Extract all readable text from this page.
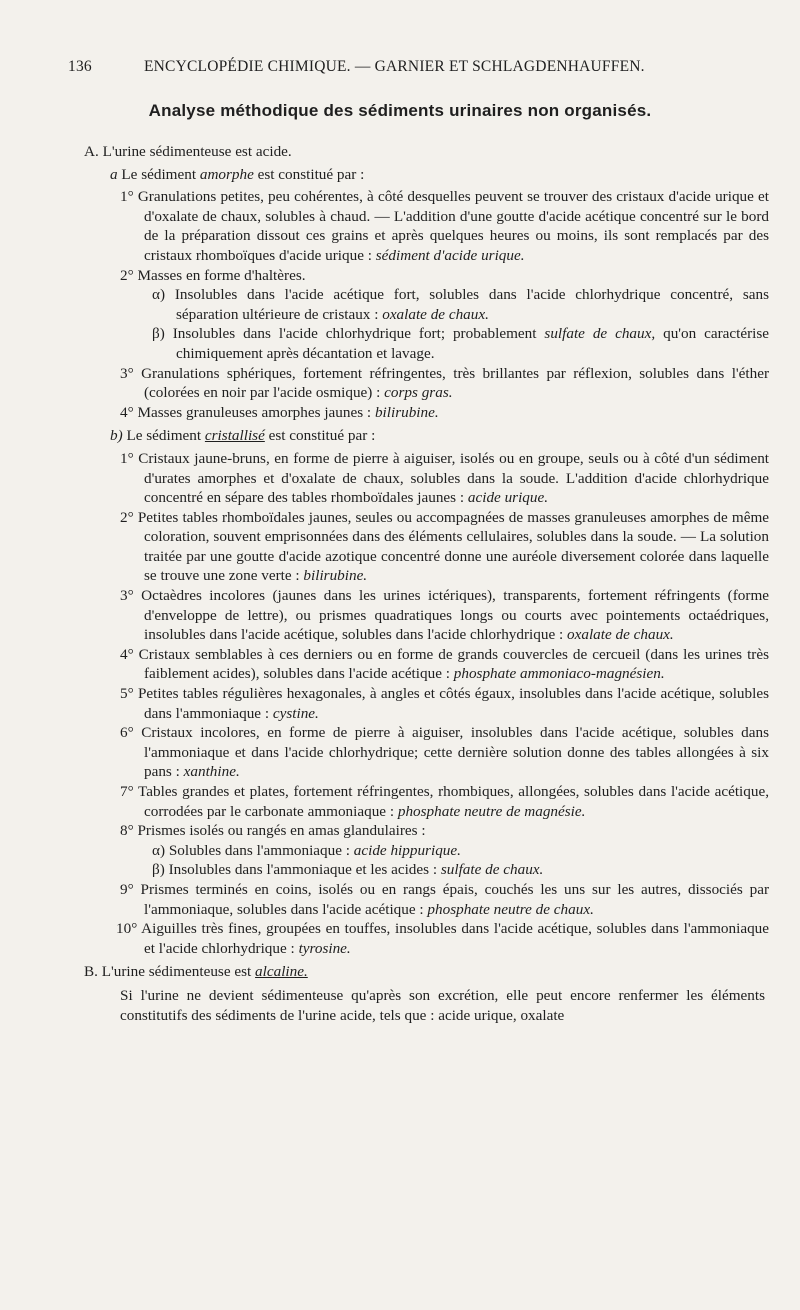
136	ENCYCLOPÉDIE CHIMIQUE. — GARNIER ET SCHLAGDENHAUFFEN.
Analyse méthodique des sédiments urinaires non organisés.
A. L'urine sédimenteuse est acide.
a Le sédiment amorphe est constitué par :
1° Granulations petites, peu cohérentes, à côté desquelles peuvent se trouver des cristaux d'acide urique et d'oxalate de chaux, solubles à chaud. — L'addition d'une goutte d'acide acétique concentré sur le bord de la préparation dissout ces grains et après quelques heures ou moins, ils sont remplacés par des cristaux rhomboïques d'acide urique : sédiment d'acide urique.
2° Masses en forme d'haltères.
α) Insolubles dans l'acide acétique fort, solubles dans l'acide chlorhydrique concentré, sans séparation ultérieure de cristaux : oxalate de chaux.
β) Insolubles dans l'acide chlorhydrique fort; probablement sulfate de chaux, qu'on caractérise chimiquement après décantation et lavage.
3° Granulations sphériques, fortement réfringentes, très brillantes par réflexion, solubles dans l'éther (colorées en noir par l'acide osmique) : corps gras.
4° Masses granuleuses amorphes jaunes : bilirubine.
b) Le sédiment cristallisé est constitué par :
1° Cristaux jaune-bruns, en forme de pierre à aiguiser, isolés ou en groupe, seuls ou à côté d'un sédiment d'urates amorphes et d'oxalate de chaux, solubles dans la soude. L'addition d'acide chlorhydrique concentré en sépare des tables rhomboïdales jaunes : acide urique.
2° Petites tables rhomboïdales jaunes, seules ou accompagnées de masses granuleuses amorphes de même coloration, souvent emprisonnées dans des éléments cellulaires, solubles dans la soude. — La solution traitée par une goutte d'acide azotique concentré donne une auréole diversement colorée dans laquelle se trouve une zone verte : bilirubine.
3° Octaèdres incolores (jaunes dans les urines ictériques), transparents, fortement réfringents (forme d'enveloppe de lettre), ou prismes quadratiques longs ou courts avec pointements octaédriques, insolubles dans l'acide acétique, solubles dans l'acide chlorhydrique : oxalate de chaux.
4° Cristaux semblables à ces derniers ou en forme de grands couvercles de cercueil (dans les urines très faiblement acides), solubles dans l'acide acétique : phosphate ammoniaco-magnésien.
5° Petites tables régulières hexagonales, à angles et côtés égaux, insolubles dans l'acide acétique, solubles dans l'ammoniaque : cystine.
6° Cristaux incolores, en forme de pierre à aiguiser, insolubles dans l'acide acétique, solubles dans l'ammoniaque et dans l'acide chlorhydrique; cette dernière solution donne des tables allongées à six pans : xanthine.
7° Tables grandes et plates, fortement réfringentes, rhombiques, allongées, solubles dans l'acide acétique, corrodées par le carbonate ammoniaque : phosphate neutre de magnésie.
8° Prismes isolés ou rangés en amas glandulaires :
α) Solubles dans l'ammoniaque : acide hippurique.
β) Insolubles dans l'ammoniaque et les acides : sulfate de chaux.
9° Prismes terminés en coins, isolés ou en rangs épais, couchés les uns sur les autres, dissociés par l'ammoniaque, solubles dans l'acide acétique : phosphate neutre de chaux.
10° Aiguilles très fines, groupées en touffes, insolubles dans l'acide acétique, solubles dans l'ammoniaque et l'acide chlorhydrique : tyrosine.
B. L'urine sédimenteuse est alcaline.
Si l'urine ne devient sédimenteuse qu'après son excrétion, elle peut encore renfermer les éléments constitutifs des sédiments de l'urine acide, tels que : acide urique, oxalate
